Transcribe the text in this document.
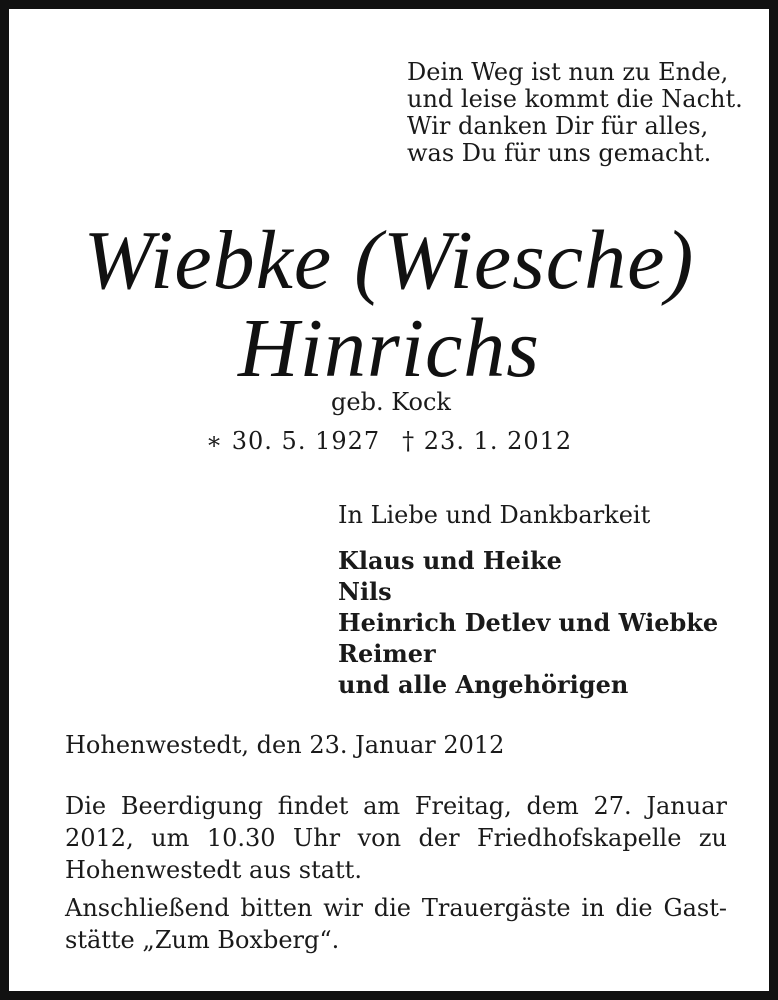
Dein Weg ist nun zu Ende,
und leise kommt die Nacht.
Wir danken Dir für alles,
was Du für uns gemacht.
Wiebke (Wiesche)
Hinrichs
geb. Kock
∗ 30. 5. 1927 † 23. 1. 2012
In Liebe und Dankbarkeit
Klaus und Heike
Nils
Heinrich Detlev und Wiebke
Reimer
und alle Angehörigen
Hohenwestedt, den 23. Januar 2012
Die Beerdigung findet am Freitag, dem 27. Januar
2012, um 10.30 Uhr von der Friedhofskapelle zu
Hohenwestedt aus statt.
Anschließend bitten wir die Trauergäste in die Gast-
stätte „Zum Boxberg“.
